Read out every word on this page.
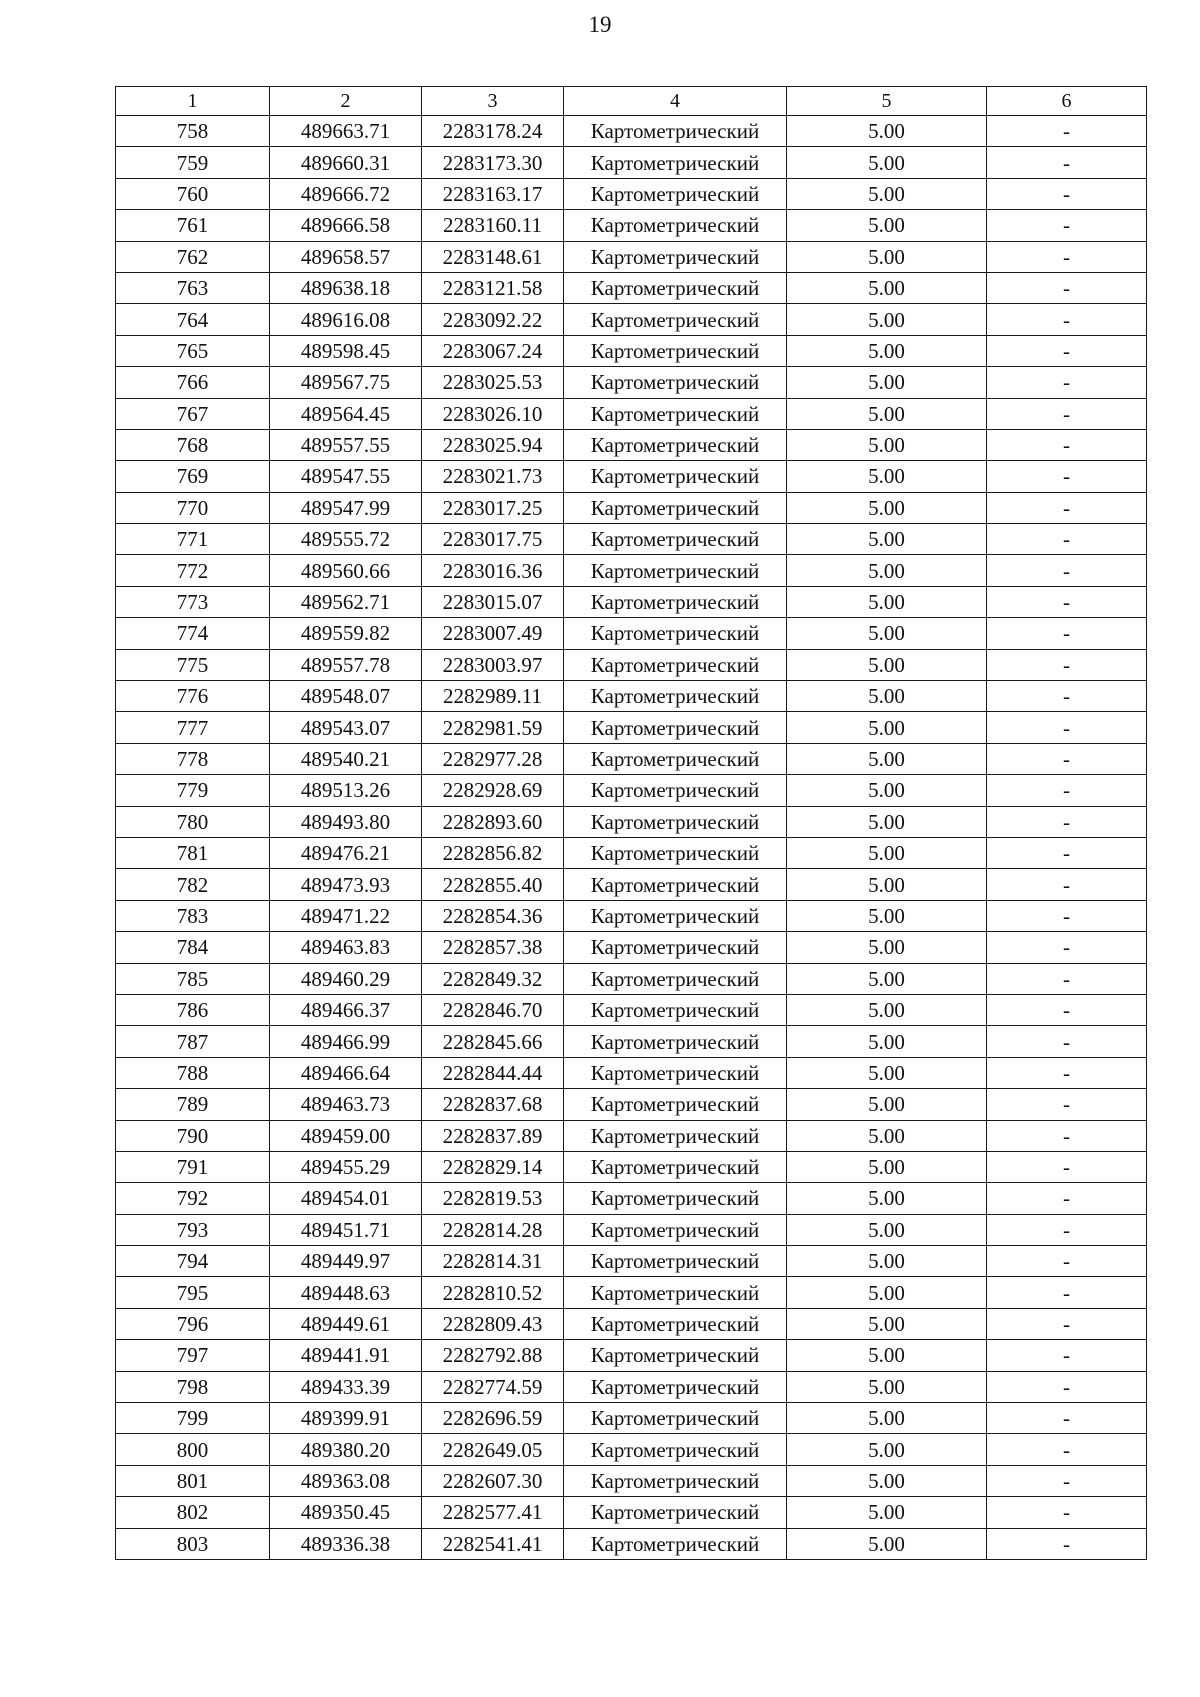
19
1	2	3	4	5	6
758	489663.71	2283178.24	Картометрический	5.00	-
759	489660.31	2283173.30	Картометрический	5.00	-
760	489666.72	2283163.17	Картометрический	5.00	-
761	489666.58	2283160.11	Картометрический	5.00	-
762	489658.57	2283148.61	Картометрический	5.00	-
763	489638.18	2283121.58	Картометрический	5.00	-
764	489616.08	2283092.22	Картометрический	5.00	-
765	489598.45	2283067.24	Картометрический	5.00	-
766	489567.75	2283025.53	Картометрический	5.00	-
767	489564.45	2283026.10	Картометрический	5.00	-
768	489557.55	2283025.94	Картометрический	5.00	-
769	489547.55	2283021.73	Картометрический	5.00	-
770	489547.99	2283017.25	Картометрический	5.00	-
771	489555.72	2283017.75	Картометрический	5.00	-
772	489560.66	2283016.36	Картометрический	5.00	-
773	489562.71	2283015.07	Картометрический	5.00	-
774	489559.82	2283007.49	Картометрический	5.00	-
775	489557.78	2283003.97	Картометрический	5.00	-
776	489548.07	2282989.11	Картометрический	5.00	-
777	489543.07	2282981.59	Картометрический	5.00	-
778	489540.21	2282977.28	Картометрический	5.00	-
779	489513.26	2282928.69	Картометрический	5.00	-
780	489493.80	2282893.60	Картометрический	5.00	-
781	489476.21	2282856.82	Картометрический	5.00	-
782	489473.93	2282855.40	Картометрический	5.00	-
783	489471.22	2282854.36	Картометрический	5.00	-
784	489463.83	2282857.38	Картометрический	5.00	-
785	489460.29	2282849.32	Картометрический	5.00	-
786	489466.37	2282846.70	Картометрический	5.00	-
787	489466.99	2282845.66	Картометрический	5.00	-
788	489466.64	2282844.44	Картометрический	5.00	-
789	489463.73	2282837.68	Картометрический	5.00	-
790	489459.00	2282837.89	Картометрический	5.00	-
791	489455.29	2282829.14	Картометрический	5.00	-
792	489454.01	2282819.53	Картометрический	5.00	-
793	489451.71	2282814.28	Картометрический	5.00	-
794	489449.97	2282814.31	Картометрический	5.00	-
795	489448.63	2282810.52	Картометрический	5.00	-
796	489449.61	2282809.43	Картометрический	5.00	-
797	489441.91	2282792.88	Картометрический	5.00	-
798	489433.39	2282774.59	Картометрический	5.00	-
799	489399.91	2282696.59	Картометрический	5.00	-
800	489380.20	2282649.05	Картометрический	5.00	-
801	489363.08	2282607.30	Картометрический	5.00	-
802	489350.45	2282577.41	Картометрический	5.00	-
803	489336.38	2282541.41	Картометрический	5.00	-
